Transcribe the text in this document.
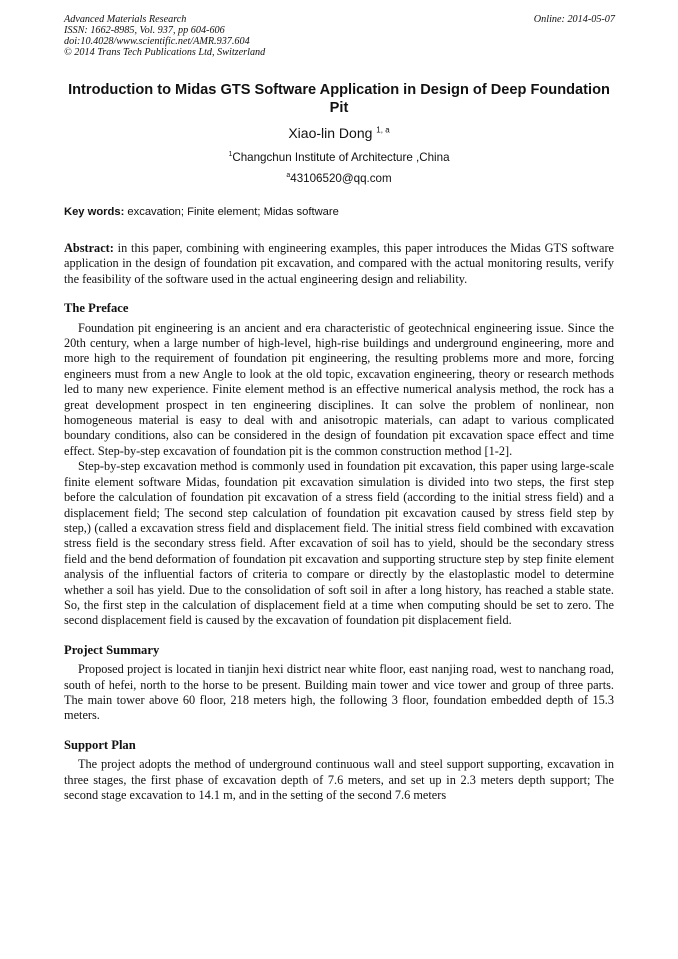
Advanced Materials Research
ISSN: 1662-8985, Vol. 937, pp 604-606
doi:10.4028/www.scientific.net/AMR.937.604
© 2014 Trans Tech Publications Ltd, Switzerland
Online: 2014-05-07
Introduction to Midas GTS Software Application in Design of Deep Foundation Pit
Xiao-lin Dong $^{1, a}$
$^1$Changchun Institute of Architecture ,China
$^a$43106520@qq.com
Key words: excavation; Finite element; Midas software

Abstract: in this paper, combining with engineering examples, this paper introduces the Midas GTS software application in the design of foundation pit excavation, and compared with the actual monitoring results, verify the feasibility of the software used in the actual engineering design and reliability.

The Preface

Foundation pit engineering is an ancient and era characteristic of geotechnical engineering issue. Since the 20th century, when a large number of high-level, high-rise buildings and underground engineering, more and more high to the requirement of foundation pit engineering, the resulting problems more and more, forcing engineers must from a new Angle to look at the old topic, excavation engineering, theory or research methods led to many new experience. Finite element method is an effective numerical analysis method, the rock has a great development prospect in ten engineering disciplines. It can solve the problem of nonlinear, non homogeneous material is easy to deal with and anisotropic materials, can adapt to various complicated boundary conditions, also can be considered in the design of foundation pit excavation space effect and time effect. Step-by-step excavation of foundation pit is the common construction method [1-2].

Step-by-step excavation method is commonly used in foundation pit excavation, this paper using large-scale finite element software Midas, foundation pit excavation simulation is divided into two steps, the first step before the calculation of foundation pit excavation of a stress field (according to the initial stress field) and a displacement field; The second step calculation of foundation pit excavation caused by stress field step by step,) (called a excavation stress field and displacement field. The initial stress field combined with excavation stress field is the secondary stress field. After excavation of soil has to yield, should be the secondary stress field and the bend deformation of foundation pit excavation and supporting structure step by step finite element analysis of the influential factors of criteria to compare or directly by the elastoplastic model to determine whether a soil has yield. Due to the consolidation of soft soil in after a long history, has reached a stable state. So, the first step in the calculation of displacement field at a time when computing should be set to zero. The second displacement field is caused by the excavation of foundation pit displacement field.

Project Summary

Proposed project is located in tianjin hexi district near white floor, east nanjing road, west to nanchang road, south of hefei, north to the horse to be present. Building main tower and vice tower and group of three parts. The main tower above 60 floor, 218 meters high, the following 3 floor, foundation embedded depth of 15.3 meters.

Support Plan

The project adopts the method of underground continuous wall and steel support supporting, excavation in three stages, the first phase of excavation depth of 7.6 meters, and set up in 2.3 meters depth support; The second stage excavation to 14.1 m, and in the setting of the second 7.6 meters
